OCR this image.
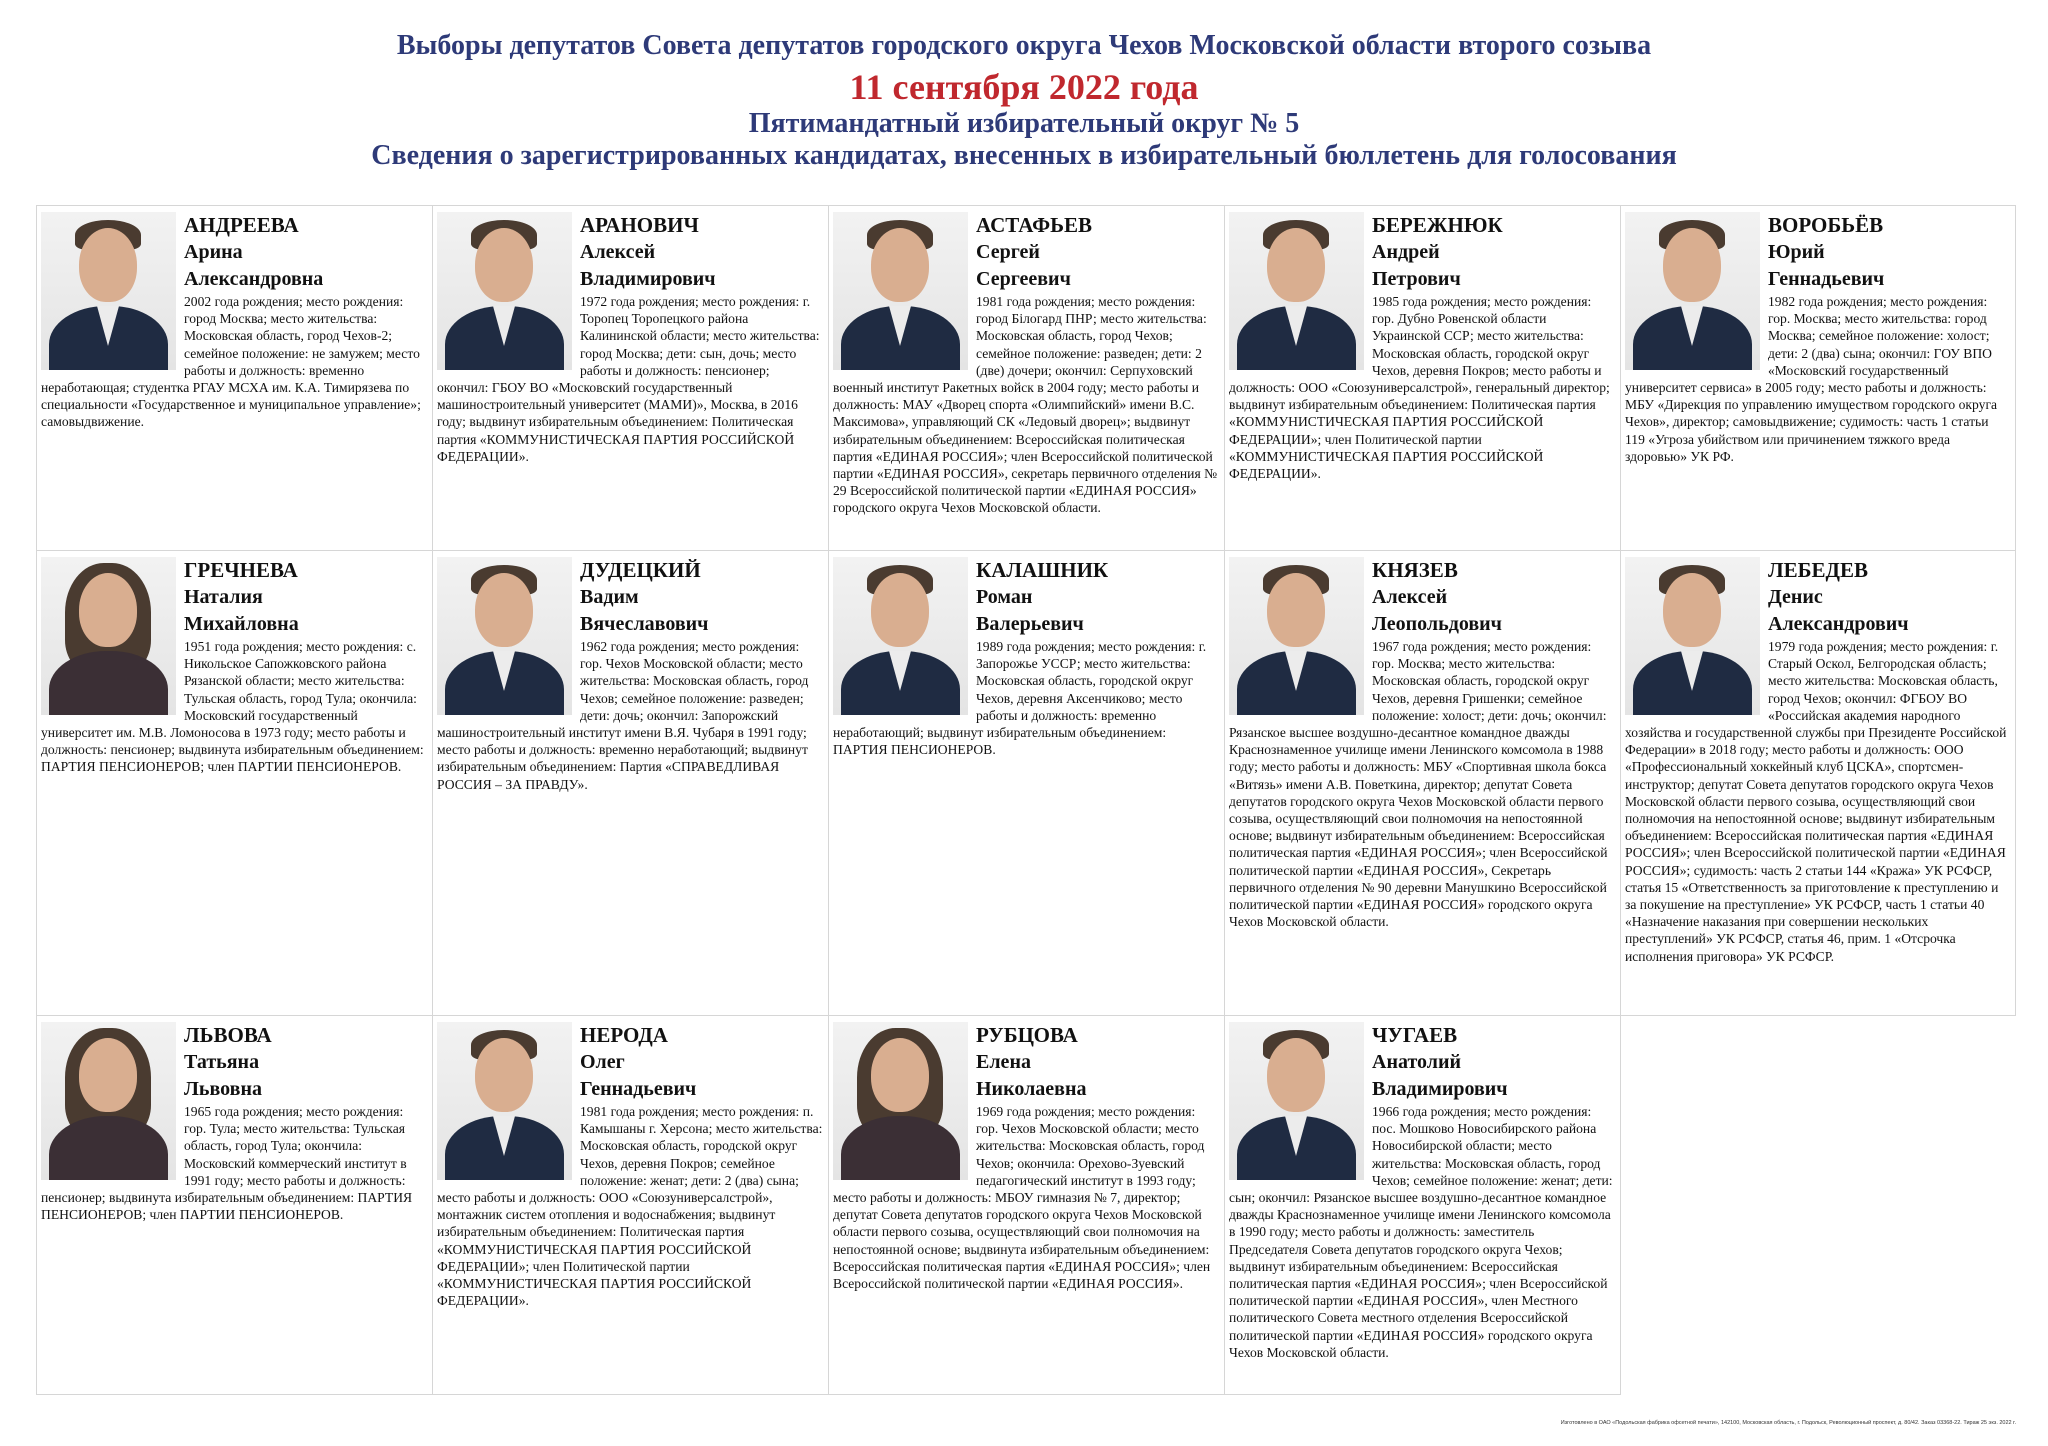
Выборы депутатов Совета депутатов городского округа Чехов Московской области второго созыва
11 сентября 2022 года
Пятимандатный избирательный округ № 5
Сведения о зарегистрированных кандидатах, внесенных в избирательный бюллетень для голосования
АНДРЕЕВА
Арина
Александровна
2002 года рождения; место рождения: город Москва; место жительства: Московская область, город Чехов-2; семейное положение: не замужем; место работы и должность: временно неработающая; студентка РГАУ МСХА им. К.А. Тимирязева по специальности «Государственное и муниципальное управление»; самовыдвижение.
АРАНОВИЧ
Алексей
Владимирович
1972 года рождения; место рождения: г. Торопец Торопецкого района Калининской области; место жительства: город Москва; дети: сын, дочь; место работы и должность: пенсионер; окончил: ГБОУ ВО «Московский государственный машиностроительный университет (МАМИ)», Москва, в 2016 году; выдвинут избирательным объединением: Политическая партия «КОММУНИСТИЧЕСКАЯ ПАРТИЯ РОССИЙСКОЙ ФЕДЕРАЦИИ».
АСТАФЬЕВ
Сергей
Сергеевич
1981 года рождения; место рождения: город Бiлогард ПНР; место жительства: Московская область, город Чехов; семейное положение: разведен; дети: 2 (две) дочери; окончил: Серпуховский военный институт Ракетных войск в 2004 году; место работы и должность: МАУ «Дворец спорта «Олимпийский» имени В.С. Максимова», управляющий СК «Ледовый дворец»; выдвинут избирательным объединением: Всероссийская политическая партия «ЕДИНАЯ РОССИЯ»; член Всероссийской политической партии «ЕДИНАЯ РОССИЯ», секретарь первичного отделения № 29 Всероссийской политической партии «ЕДИНАЯ РОССИЯ» городского округа Чехов Московской области.
БЕРЕЖНЮК
Андрей
Петрович
1985 года рождения; место рождения: гор. Дубно Ровенской области Украинской ССР; место жительства: Московская область, городской округ Чехов, деревня Покров; место работы и должность: ООО «Союзуниверсалстрой», генеральный директор; выдвинут избирательным объединением: Политическая партия «КОММУНИСТИЧЕСКАЯ ПАРТИЯ РОССИЙСКОЙ ФЕДЕРАЦИИ»; член Политической партии «КОММУНИСТИЧЕСКАЯ ПАРТИЯ РОССИЙСКОЙ ФЕДЕРАЦИИ».
ВОРОБЬЁВ
Юрий
Геннадьевич
1982 года рождения; место рождения: гор. Москва; место жительства: город Москва; семейное положение: холост; дети: 2 (два) сына; окончил: ГОУ ВПО «Московский государственный университет сервиса» в 2005 году; место работы и должность: МБУ «Дирекция по управлению имуществом городского округа Чехов», директор; самовыдвижение; судимость: часть 1 статьи 119 «Угроза убийством или причинением тяжкого вреда здоровью» УК РФ.
ГРЕЧНЕВА
Наталия
Михайловна
1951 года рождения; место рождения: с. Никольское Сапожковского района Рязанской области; место жительства: Тульская область, город Тула; окончила: Московский государственный университет им. М.В. Ломоносова в 1973 году; место работы и должность: пенсионер; выдвинута избирательным объединением: ПАРТИЯ ПЕНСИОНЕРОВ; член ПАРТИИ ПЕНСИОНЕРОВ.
ДУДЕЦКИЙ
Вадим
Вячеславович
1962 года рождения; место рождения: гор. Чехов Московской области; место жительства: Московская область, город Чехов; семейное положение: разведен; дети: дочь; окончил: Запорожский машиностроительный институт имени В.Я. Чубаря в 1991 году; место работы и должность: временно неработающий; выдвинут избирательным объединением: Партия «СПРАВЕДЛИВАЯ РОССИЯ – ЗА ПРАВДУ».
КАЛАШНИК
Роман
Валерьевич
1989 года рождения; место рождения: г. Запорожье УССР; место жительства: Московская область, городской округ Чехов, деревня Аксенчиково; место работы и должность: временно неработающий; выдвинут избирательным объединением: ПАРТИЯ ПЕНСИОНЕРОВ.
КНЯЗЕВ
Алексей
Леопольдович
1967 года рождения; место рождения: гор. Москва; место жительства: Московская область, городской округ Чехов, деревня Гришенки; семейное положение: холост; дети: дочь; окончил: Рязанское высшее воздушно-десантное командное дважды Краснознаменное училище имени Ленинского комсомола в 1988 году; место работы и должность: МБУ «Спортивная школа бокса «Витязь» имени А.В. Поветкина, директор; депутат Совета депутатов городского округа Чехов Московской области первого созыва, осуществляющий свои полномочия на непостоянной основе; выдвинут избирательным объединением: Всероссийская политическая партия «ЕДИНАЯ РОССИЯ»; член Всероссийской политической партии «ЕДИНАЯ РОССИЯ», Секретарь первичного отделения № 90 деревни Манушкино Всероссийской политической партии «ЕДИНАЯ РОССИЯ» городского округа Чехов Московской области.
ЛЕБЕДЕВ
Денис
Александрович
1979 года рождения; место рождения: г. Старый Оскол, Белгородская область; место жительства: Московская область, город Чехов; окончил: ФГБОУ ВО «Российская академия народного хозяйства и государственной службы при Президенте Российской Федерации» в 2018 году; место работы и должность: ООО «Профессиональный хоккейный клуб ЦСКА», спортсмен-инструктор; депутат Совета депутатов городского округа Чехов Московской области первого созыва, осуществляющий свои полномочия на непостоянной основе; выдвинут избирательным объединением: Всероссийская политическая партия «ЕДИНАЯ РОССИЯ»; член Всероссийской политической партии «ЕДИНАЯ РОССИЯ»; судимость: часть 2 статьи 144 «Кража» УК РСФСР, статья 15 «Ответственность за приготовление к преступлению и за покушение на преступление» УК РСФСР, часть 1 статьи 40 «Назначение наказания при совершении нескольких преступлений» УК РСФСР, статья 46, прим. 1 «Отсрочка исполнения приговора» УК РСФСР.
ЛЬВОВА
Татьяна
Львовна
1965 года рождения; место рождения: гор. Тула; место жительства: Тульская область, город Тула; окончила: Московский коммерческий институт в 1991 году; место работы и должность: пенсионер; выдвинута избирательным объединением: ПАРТИЯ ПЕНСИОНЕРОВ; член ПАРТИИ ПЕНСИОНЕРОВ.
НЕРОДА
Олег
Геннадьевич
1981 года рождения; место рождения: п. Камышаны г. Херсона; место жительства: Московская область, городской округ Чехов, деревня Покров; семейное положение: женат; дети: 2 (два) сына; место работы и должность: ООО «Союзуниверсалстрой», монтажник систем отопления и водоснабжения; выдвинут избирательным объединением: Политическая партия «КОММУНИСТИЧЕСКАЯ ПАРТИЯ РОССИЙСКОЙ ФЕДЕРАЦИИ»; член Политической партии «КОММУНИСТИЧЕСКАЯ ПАРТИЯ РОССИЙСКОЙ ФЕДЕРАЦИИ».
РУБЦОВА
Елена
Николаевна
1969 года рождения; место рождения: гор. Чехов Московской области; место жительства: Московская область, город Чехов; окончила: Орехово-Зуевский педагогический институт в 1993 году; место работы и должность: МБОУ гимназия № 7, директор; депутат Совета депутатов городского округа Чехов Московской области первого созыва, осуществляющий свои полномочия на непостоянной основе; выдвинута избирательным объединением: Всероссийская политическая партия «ЕДИНАЯ РОССИЯ»; член Всероссийской политической партии «ЕДИНАЯ РОССИЯ».
ЧУГАЕВ
Анатолий
Владимирович
1966 года рождения; место рождения: пос. Мошково Новосибирского района Новосибирской области; место жительства: Московская область, город Чехов; семейное положение: женат; дети: сын; окончил: Рязанское высшее воздушно-десантное командное дважды Краснознаменное училище имени Ленинского комсомола в 1990 году; место работы и должность: заместитель Председателя Совета депутатов городского округа Чехов; выдвинут избирательным объединением: Всероссийская политическая партия «ЕДИНАЯ РОССИЯ»; член Всероссийской политической партии «ЕДИНАЯ РОССИЯ», член Местного политического Совета местного отделения Всероссийской политической партии «ЕДИНАЯ РОССИЯ» городского округа Чехов Московской области.
Изготовлено в ОАО «Подольская фабрика офсетной печати», 142100, Московская область, г. Подольск, Революционный проспект, д. 80/42. Заказ 03368-22. Тираж 25 экз. 2022 г.
